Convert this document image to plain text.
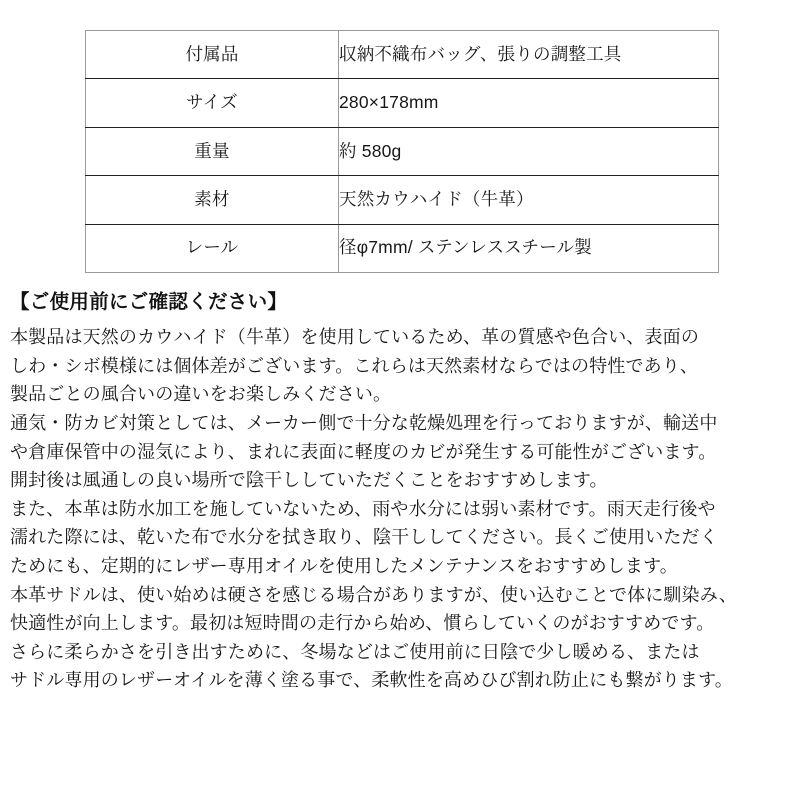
付属品	収納不織布バッグ、張りの調整工具
サイズ	280×178mm
重量	約 580g
素材	天然カウハイド（牛革）
レール	径φ7mm/ ステンレススチール製
【ご使用前にご確認ください】

本製品は天然のカウハイド（牛革）を使用しているため、革の質感や色合い、表面の
しわ・シボ模様には個体差がございます。これらは天然素材ならではの特性であり、
製品ごとの風合いの違いをお楽しみください。

通気・防カビ対策としては、メーカー側で十分な乾燥処理を行っておりますが、輸送中
や倉庫保管中の湿気により、まれに表面に軽度のカビが発生する可能性がございます。
開封後は風通しの良い場所で陰干ししていただくことをおすすめします。

また、本革は防水加工を施していないため、雨や水分には弱い素材です。雨天走行後や
濡れた際には、乾いた布で水分を拭き取り、陰干ししてください。長くご使用いただく
ためにも、定期的にレザー専用オイルを使用したメンテナンスをおすすめします。

本革サドルは、使い始めは硬さを感じる場合がありますが、使い込むことで体に馴染み、
快適性が向上します。最初は短時間の走行から始め、慣らしていくのがおすすめです。

さらに柔らかさを引き出すために、冬場などはご使用前に日陰で少し暖める、または
サドル専用のレザーオイルを薄く塗る事で、柔軟性を高めひび割れ防止にも繋がります。
